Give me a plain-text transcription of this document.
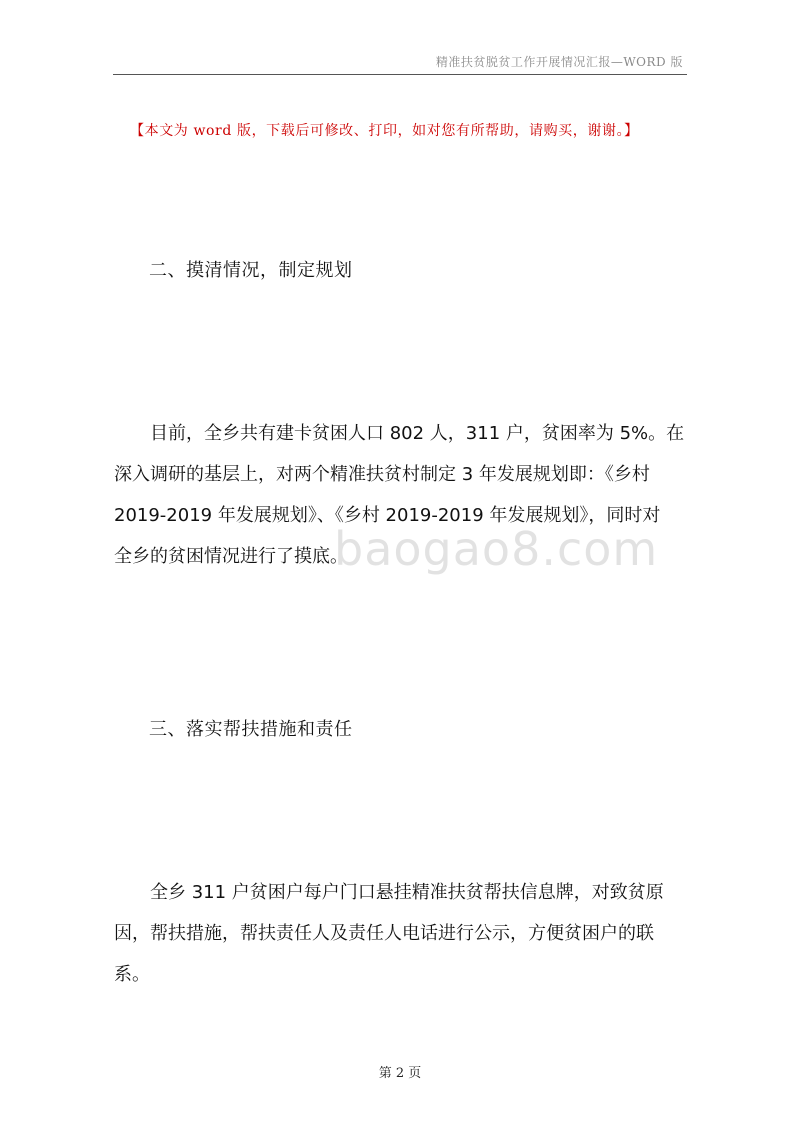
精准扶贫脱贫工作开展情况汇报—WORD 版
【本文为 word 版，下载后可修改、打印，如对您有所帮助，请购买，谢谢。】
二、摸清情况，制定规划
目前，全乡共有建卡贫困人口 802 人，311 户，贫困率为 5%。在
深入调研的基层上，对两个精准扶贫村制定 3 年发展规划即：《乡村
2019-2019 年发展规划》、《乡村 2019-2019 年发展规划》，同时对
全乡的贫困情况进行了摸底。
baogao8.com
三、落实帮扶措施和责任
全乡 311 户贫困户每户门口悬挂精准扶贫帮扶信息牌，对致贫原
因，帮扶措施，帮扶责任人及责任人电话进行公示，方便贫困户的联
系。
第 2 页
